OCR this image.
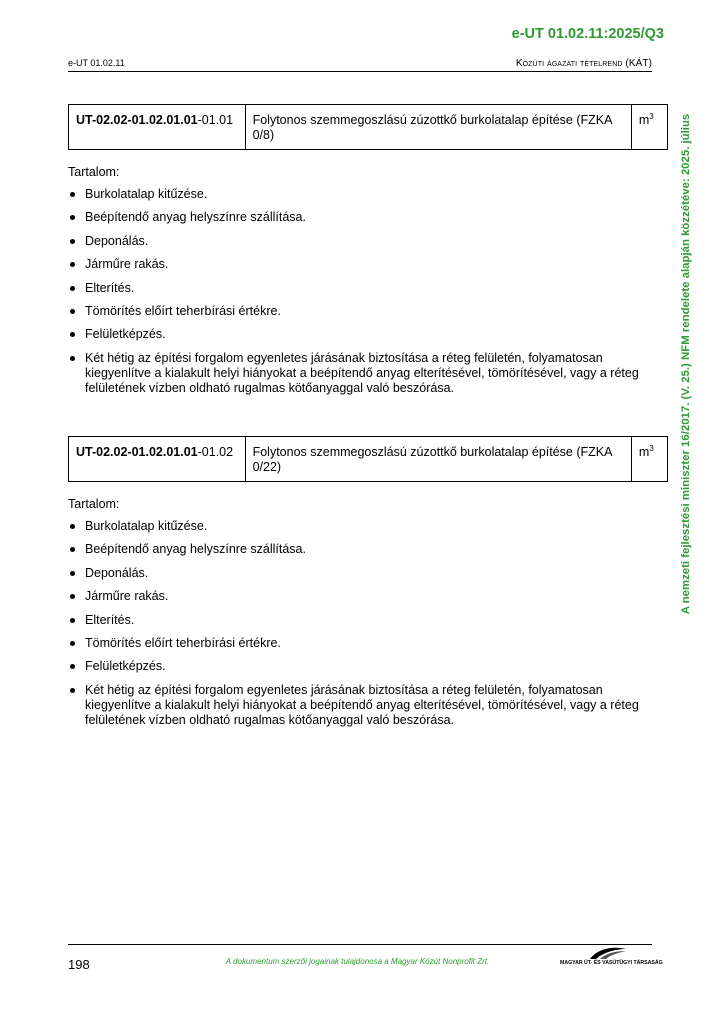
e-UT 01.02.11:2025/Q3
e-UT 01.02.11	Közúti ágazati tételrend (KÁT)
A nemzeti fejlesztési miniszter 16/2017. (V. 25.) NFM rendelete alapján közzétéve: 2025. július
UT-02.02-01.02.01.01-01.01	Folytonos szemmegoszlású zúzottkő burkolatalap építése (FZKA 0/8)	$m^3$
Tartalom:
Burkolatalap kitűzése.
Beépítendő anyag helyszínre szállítása.
Deponálás.
Járműre rakás.
Elterítés.
Tömörítés előírt teherbírási értékre.
Felületképzés.
Két hétig az építési forgalom egyenletes járásának biztosítása a réteg felületén, folyamatosan kiegyenlítve a kialakult helyi hiányokat a beépítendő anyag elterítésével, tömörítésével, vagy a réteg felületének vízben oldható rugalmas kötőanyaggal való beszórása.
UT-02.02-01.02.01.01-01.02	Folytonos szemmegoszlású zúzottkő burkolatalap építése (FZKA 0/22)	$m^3$
Tartalom:
Burkolatalap kitűzése.
Beépítendő anyag helyszínre szállítása.
Deponálás.
Járműre rakás.
Elterítés.
Tömörítés előírt teherbírási értékre.
Felületképzés.
Két hétig az építési forgalom egyenletes járásának biztosítása a réteg felületén, folyamatosan kiegyenlítve a kialakult helyi hiányokat a beépítendő anyag elterítésével, tömörítésével, vagy a réteg felületének vízben oldható rugalmas kötőanyaggal való beszórása.
198	A dokumentum szerzői jogainak tulajdonosa a Magyar Közút Nonprofit Zrt.	MAGYAR ÚT- ÉS VASÚTÜGYI TÁRSASÁG
